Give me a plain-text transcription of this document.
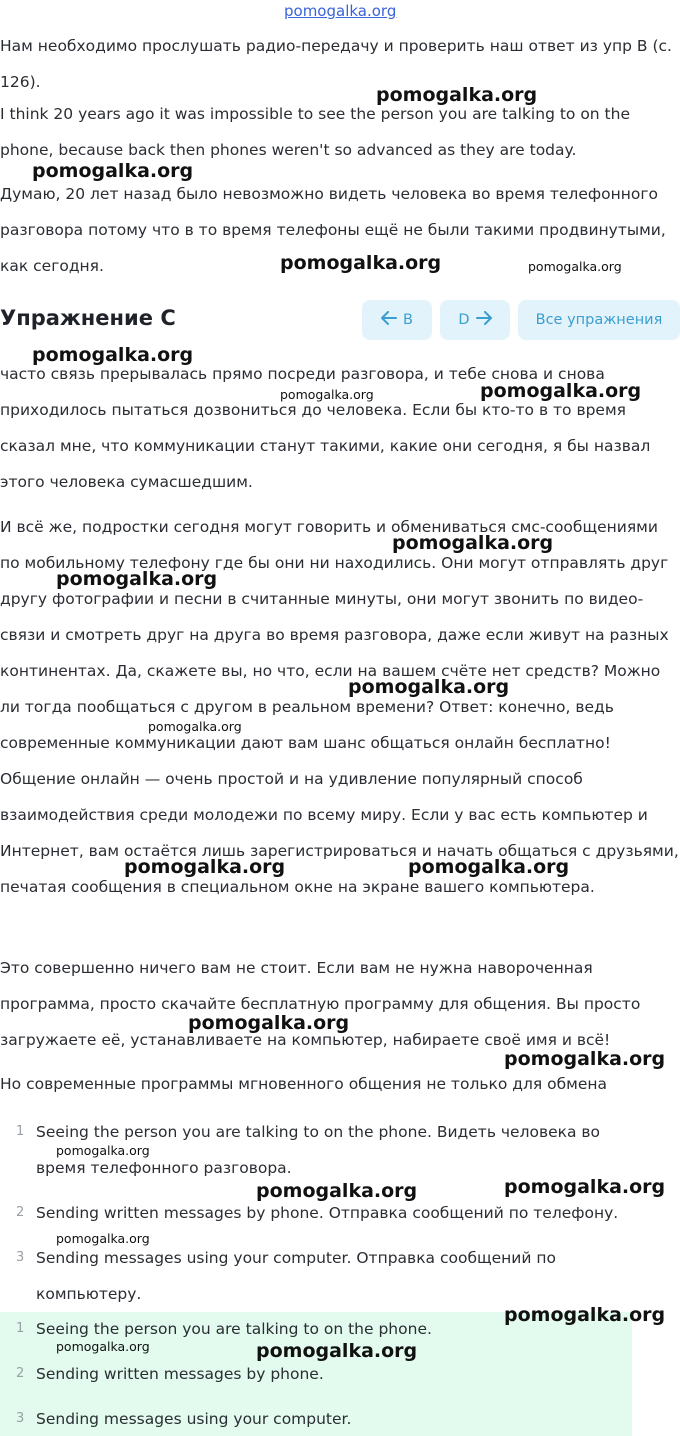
pomogalka.org
Нам необходимо прослушать радио-передачу и проверить наш ответ из упр B (с. 126).
I think 20 years ago it was impossible to see the person you are talking to on the phone, because back then phones weren't so advanced as they are today.
Думаю, 20 лет назад было невозможно видеть человека во время телефонного разговора потому что в то время телефоны ещё не были такими продвинутыми, как сегодня.
Упражнение C	B	D	Все упражнения
часто связь прерывалась прямо посреди разговора, и тебе снова и снова приходилось пытаться дозвониться до человека. Если бы кто-то в то время сказал мне, что коммуникации станут такими, какие они сегодня, я бы назвал этого человека сумасшедшим.
И всё же, подростки сегодня могут говорить и обмениваться смс-сообщениями по мобильному телефону где бы они ни находились. Они могут отправлять друг другу фотографии и песни в считанные минуты, они могут звонить по видео-связи и смотреть друг на друга во время разговора, даже если живут на разных континентах. Да, скажете вы, но что, если на вашем счёте нет средств? Можно ли тогда пообщаться с другом в реальном времени? Ответ: конечно, ведь современные коммуникации дают вам шанс общаться онлайн бесплатно! Общение онлайн — очень простой и на удивление популярный способ взаимодействия среди молодежи по всему миру. Если у вас есть компьютер и Интернет, вам остаётся лишь зарегистрироваться и начать общаться с друзьями, печатая сообщения в специальном окне на экране вашего компьютера.
Это совершенно ничего вам не стоит. Если вам не нужна навороченная программа, просто скачайте бесплатную программу для общения. Вы просто загружаете её, устанавливаете на компьютер, набираете своё имя и всё!
Но современные программы мгновенного общения не только для обмена
1 Seeing the person you are talking to on the phone. Видеть человека во время телефонного разговора.
2 Sending written messages by phone. Отправка сообщений по телефону.
3 Sending messages using your computer. Отправка сообщений по компьютеру.
1 Seeing the person you are talking to on the phone.
2 Sending written messages by phone.
3 Sending messages using your computer.
pomogalka.org
pomogalka.org
pomogalka.org	pomogalka.org
pomogalka.org
pomogalka.org	pomogalka.org
pomogalka.org
pomogalka.org
pomogalka.org
pomogalka.org
pomogalka.org	pomogalka.org
pomogalka.org
pomogalka.org
pomogalka.org
pomogalka.org	pomogalka.org
pomogalka.org
pomogalka.org
pomogalka.org	pomogalka.org
